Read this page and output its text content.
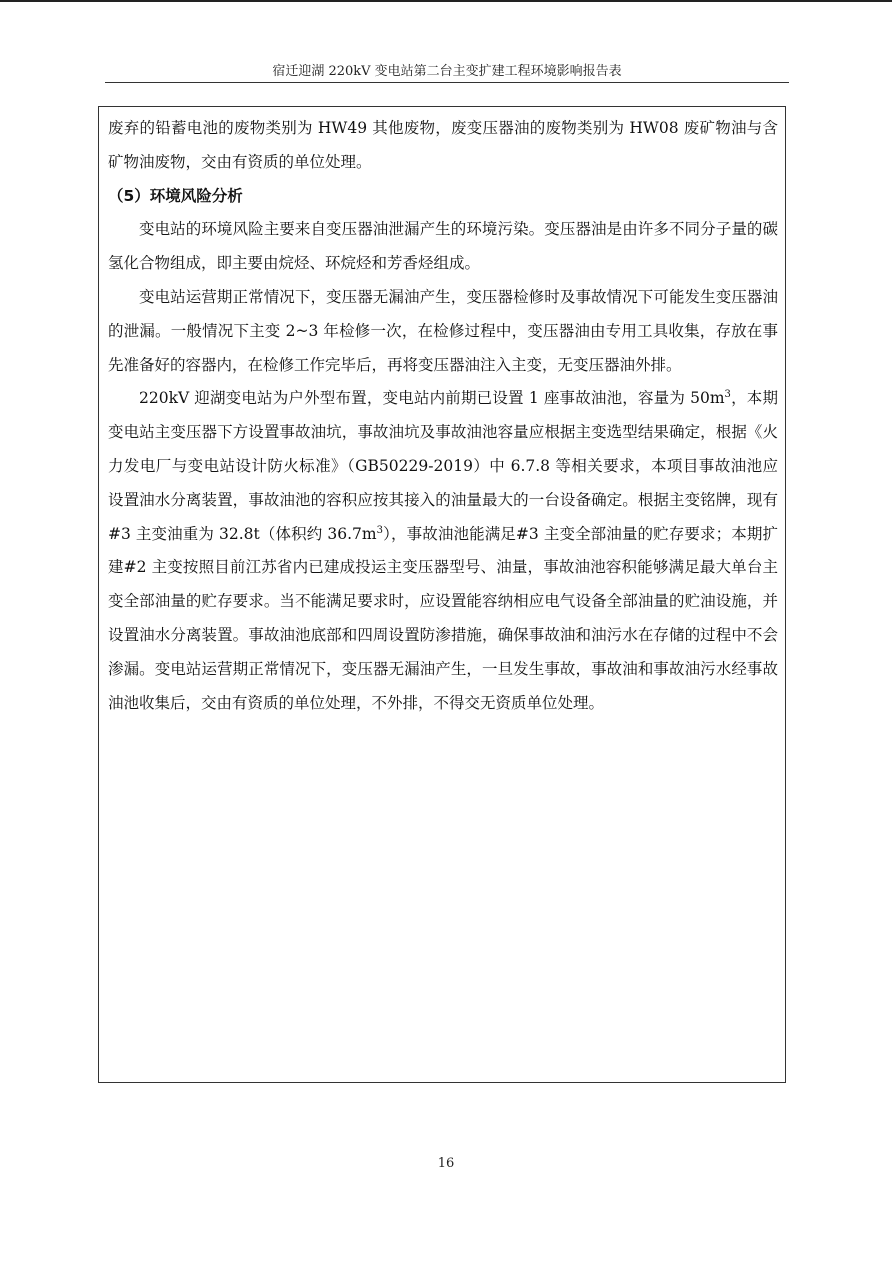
宿迁迎湖 220kV 变电站第二台主变扩建工程环境影响报告表

废弃的铅蓄电池的废物类别为 HW49 其他废物，废变压器油的废物类别为 HW08 废矿物油与含矿物油废物，交由有资质的单位处理。

（5）环境风险分析

变电站的环境风险主要来自变压器油泄漏产生的环境污染。变压器油是由许多不同分子量的碳氢化合物组成，即主要由烷烃、环烷烃和芳香烃组成。

变电站运营期正常情况下，变压器无漏油产生，变压器检修时及事故情况下可能发生变压器油的泄漏。一般情况下主变 2~3 年检修一次，在检修过程中，变压器油由专用工具收集，存放在事先准备好的容器内，在检修工作完毕后，再将变压器油注入主变，无变压器油外排。

220kV 迎湖变电站为户外型布置，变电站内前期已设置 1 座事故油池，容量为 $50m^3$，本期变电站主变压器下方设置事故油坑，事故油坑及事故油池容量应根据主变选型结果确定，根据《火力发电厂与变电站设计防火标准》（GB50229-2019）中 6.7.8 等相关要求，本项目事故油池应设置油水分离装置，事故油池的容积应按其接入的油量最大的一台设备确定。根据主变铭牌，现有#3 主变油重为 32.8t（体积约 $36.7m^3$），事故油池能满足#3 主变全部油量的贮存要求；本期扩建#2 主变按照目前江苏省内已建成投运主变压器型号、油量，事故油池容积能够满足最大单台主变全部油量的贮存要求。当不能满足要求时，应设置能容纳相应电气设备全部油量的贮油设施，并设置油水分离装置。事故油池底部和四周设置防渗措施，确保事故油和油污水在存储的过程中不会渗漏。变电站运营期正常情况下，变压器无漏油产生，一旦发生事故，事故油和事故油污水经事故油池收集后，交由有资质的单位处理，不外排，不得交无资质单位处理。

16
